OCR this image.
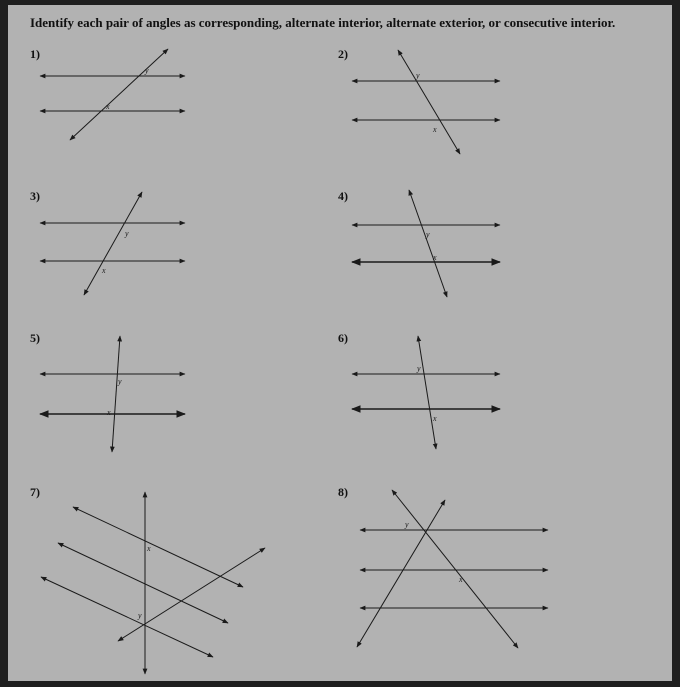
Identify each pair of angles as corresponding, alternate interior, alternate exterior, or consecutive interior.
1)	2)
3)	4)
5)	6)
7)	8)
y
x
y
x
y
x
y
x
y
x
y
x
x
y
y
x
